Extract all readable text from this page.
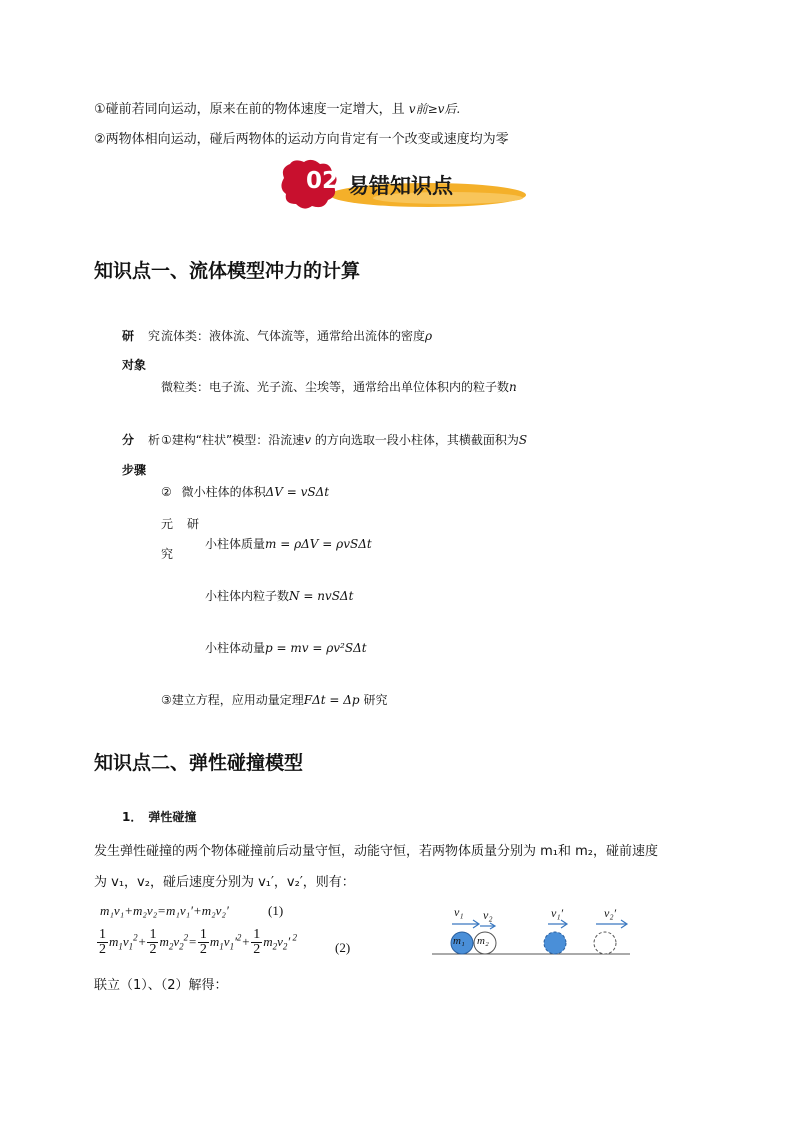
①碰前若同向运动，原来在前的物体速度一定增大，且 v前≥v后.
②两物体相向运动，碰后两物体的运动方向肯定有一个改变或速度均为零
02 易错知识点
知识点一、流体模型冲力的计算
研 究
对象
流体类：液体流、气体流等，通常给出流体的密度ρ
微粒类：电子流、光子流、尘埃等，通常给出单位体积内的粒子数n
分 析
步骤
①建构“柱状”模型：沿流速v 的方向选取一段小柱体，其横截面积为S
② 微小柱体的体积ΔV = vSΔt
元 研
究
小柱体质量m = ρΔV = ρvSΔt
小柱体内粒子数N = nvSΔt
小柱体动量p = mv = ρv²SΔt
③建立方程，应用动量定理FΔt = Δp 研究
知识点二、弹性碰撞模型
1．　弹性碰撞
发生弹性碰撞的两个物体碰撞前后动量守恒，动能守恒，若两物体质量分别为 m₁和 m₂，碰前速度
为 v₁，v₂，碰后速度分别为 v₁′，v₂′，则有：
m₁v₁+m₂v₂=m₁v₁′+m₂v₂′	(1)
$\frac{1}{2} m_1v_1^2+ \frac{1}{2} m_2v_2^2= \frac{1}{2} m_1v_1'^2+ \frac{1}{2} m_2v_2'$ $^2$
(2)
联立（1）、（2）解得：
v₁ v₂
m₁ m₂
v₁′	v₂′
